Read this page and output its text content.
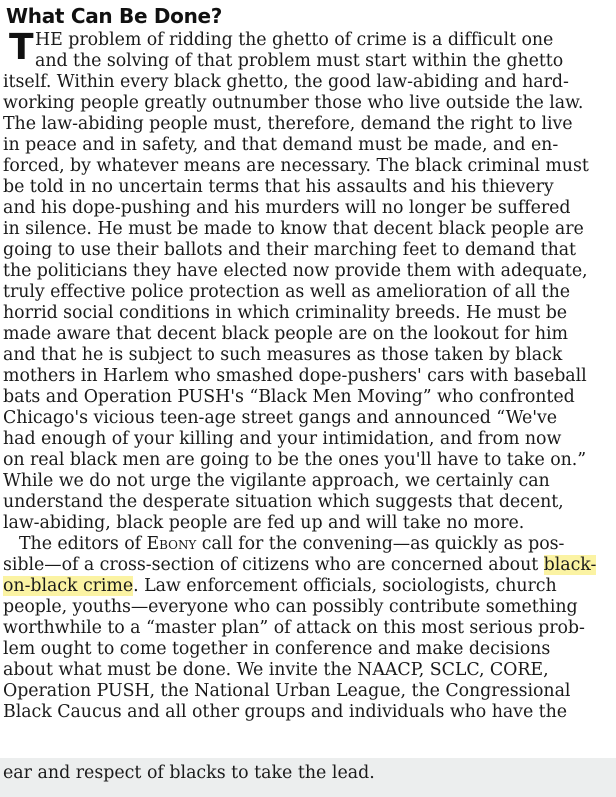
What Can Be Done?
T HE problem of ridding the ghetto of crime is a difficult one
and the solving of that problem must start within the ghetto
itself. Within every black ghetto, the good law-abiding and hard-
working people greatly outnumber those who live outside the law.
The law-abiding people must, therefore, demand the right to live
in peace and in safety, and that demand must be made, and en-
forced, by whatever means are necessary. The black criminal must
be told in no uncertain terms that his assaults and his thievery
and his dope-pushing and his murders will no longer be suffered
in silence. He must be made to know that decent black people are
going to use their ballots and their marching feet to demand that
the politicians they have elected now provide them with adequate,
truly effective police protection as well as amelioration of all the
horrid social conditions in which criminality breeds. He must be
made aware that decent black people are on the lookout for him
and that he is subject to such measures as those taken by black
mothers in Harlem who smashed dope-pushers' cars with baseball
bats and Operation PUSH's “Black Men Moving” who confronted
Chicago's vicious teen-age street gangs and announced “We've
had enough of your killing and your intimidation, and from now
on real black men are going to be the ones you'll have to take on.”
While we do not urge the vigilante approach, we certainly can
understand the desperate situation which suggests that decent,
law-abiding, black people are fed up and will take no more.
The editors of Ebony call for the convening—as quickly as pos-
sible—of a cross-section of citizens who are concerned about black-
on-black crime. Law enforcement officials, sociologists, church
people, youths—everyone who can possibly contribute something
worthwhile to a “master plan” of attack on this most serious prob-
lem ought to come together in conference and make decisions
about what must be done. We invite the NAACP, SCLC, CORE,
Operation PUSH, the National Urban League, the Congressional
Black Caucus and all other groups and individuals who have the
ear and respect of blacks to take the lead.
